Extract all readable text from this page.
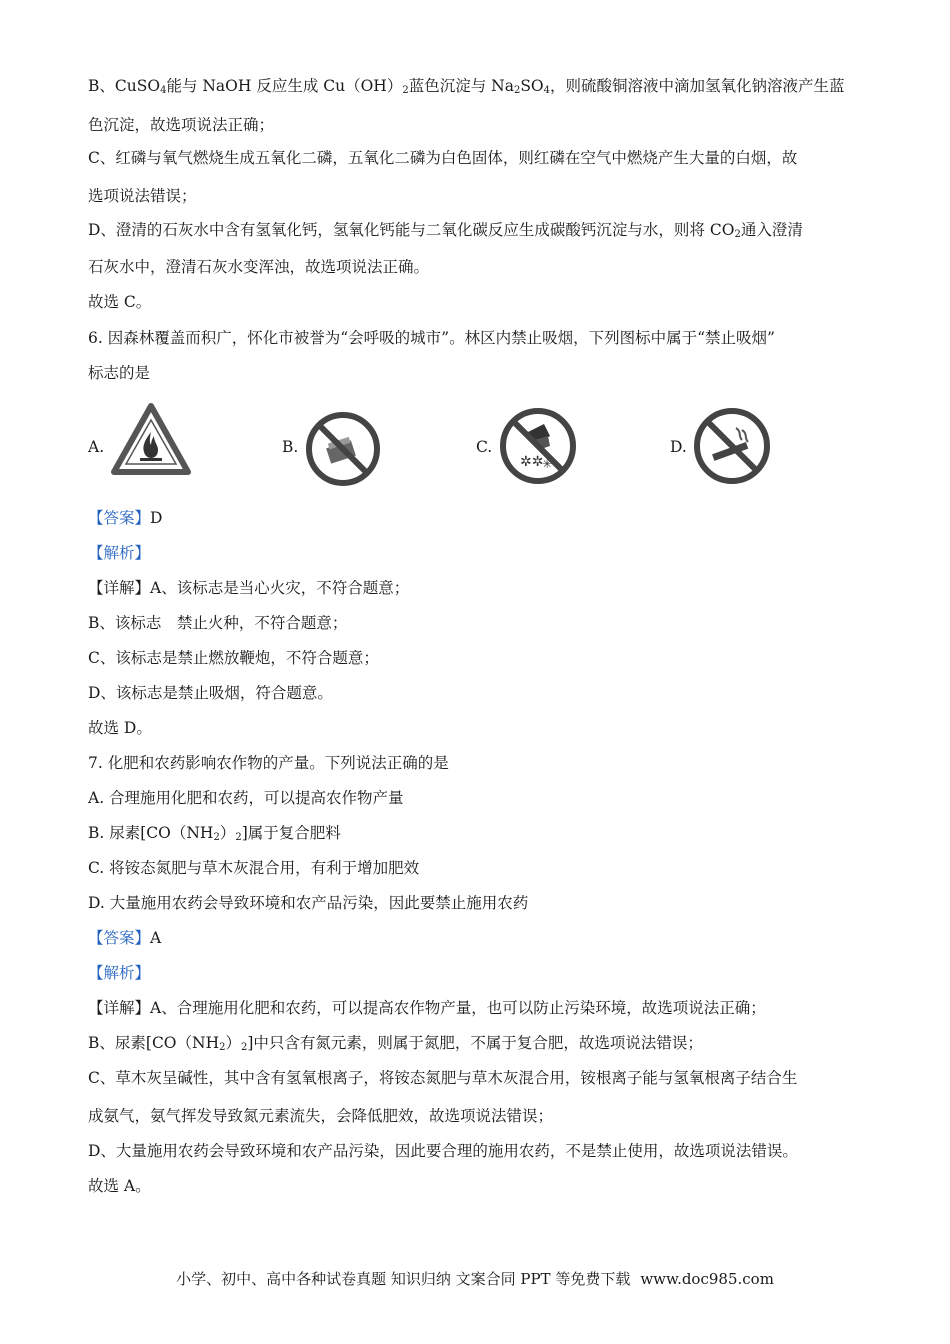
B、CuSO$_4$能与 NaOH 反应生成 $Cu(OH)_2$蓝色沉淀与 $Na_2SO_4$，则硫酸铜溶液中滴加氢氧化钠溶液产生蓝
色沉淀，故选项说法正确；
C、红磷与氧气燃烧生成五氧化二磷，五氧化二磷为白色固体，则红磷在空气中燃烧产生大量的白烟，故
选项说法错误；
D、澄清的石灰水中含有氢氧化钙，氢氧化钙能与二氧化碳反应生成碳酸钙沉淀与水，则将 $CO_2$通入澄清
石灰水中，澄清石灰水变浑浊，故选项说法正确。
故选 C。
6. 因森林覆盖而积广，怀化市被誉为“会呼吸的城市”。林区内禁止吸烟，下列图标中属于“禁止吸烟”
标志的是
A.	B.	C.
✲✲
✳
D.
【答案】D
【解析】
【详解】A、该标志是当心火灾，不符合题意；
B、该标志　禁止火种，不符合题意；
C、该标志是禁止燃放鞭炮，不符合题意；
D、该标志是禁止吸烟，符合题意。
故选 D。
7. 化肥和农药影响农作物的产量。下列说法正确的是
A. 合理施用化肥和农药，可以提高农作物产量
B. 尿素$[CO(NH_2)_2]$属于复合肥料
C. 将铵态氮肥与草木灰混合用，有利于增加肥效
D. 大量施用农药会导致环境和农产品污染，因此要禁止施用农药
【答案】A
【解析】
【详解】A、合理施用化肥和农药，可以提高农作物产量，也可以防止污染环境，故选项说法正确；
B、尿素$[CO(NH_2)_2]$中只含有氮元素，则属于氮肥，不属于复合肥，故选项说法错误；
C、草木灰呈碱性，其中含有氢氧根离子，将铵态氮肥与草木灰混合用，铵根离子能与氢氧根离子结合生
成氨气，氨气挥发导致氮元素流失，会降低肥效，故选项说法错误；
D、大量施用农药会导致环境和农产品污染，因此要合理的施用农药，不是禁止使用，故选项说法错误。
故选 A。
小学、初中、高中各种试卷真题 知识归纳 文案合同 PPT 等免费下载 www.doc985.com
